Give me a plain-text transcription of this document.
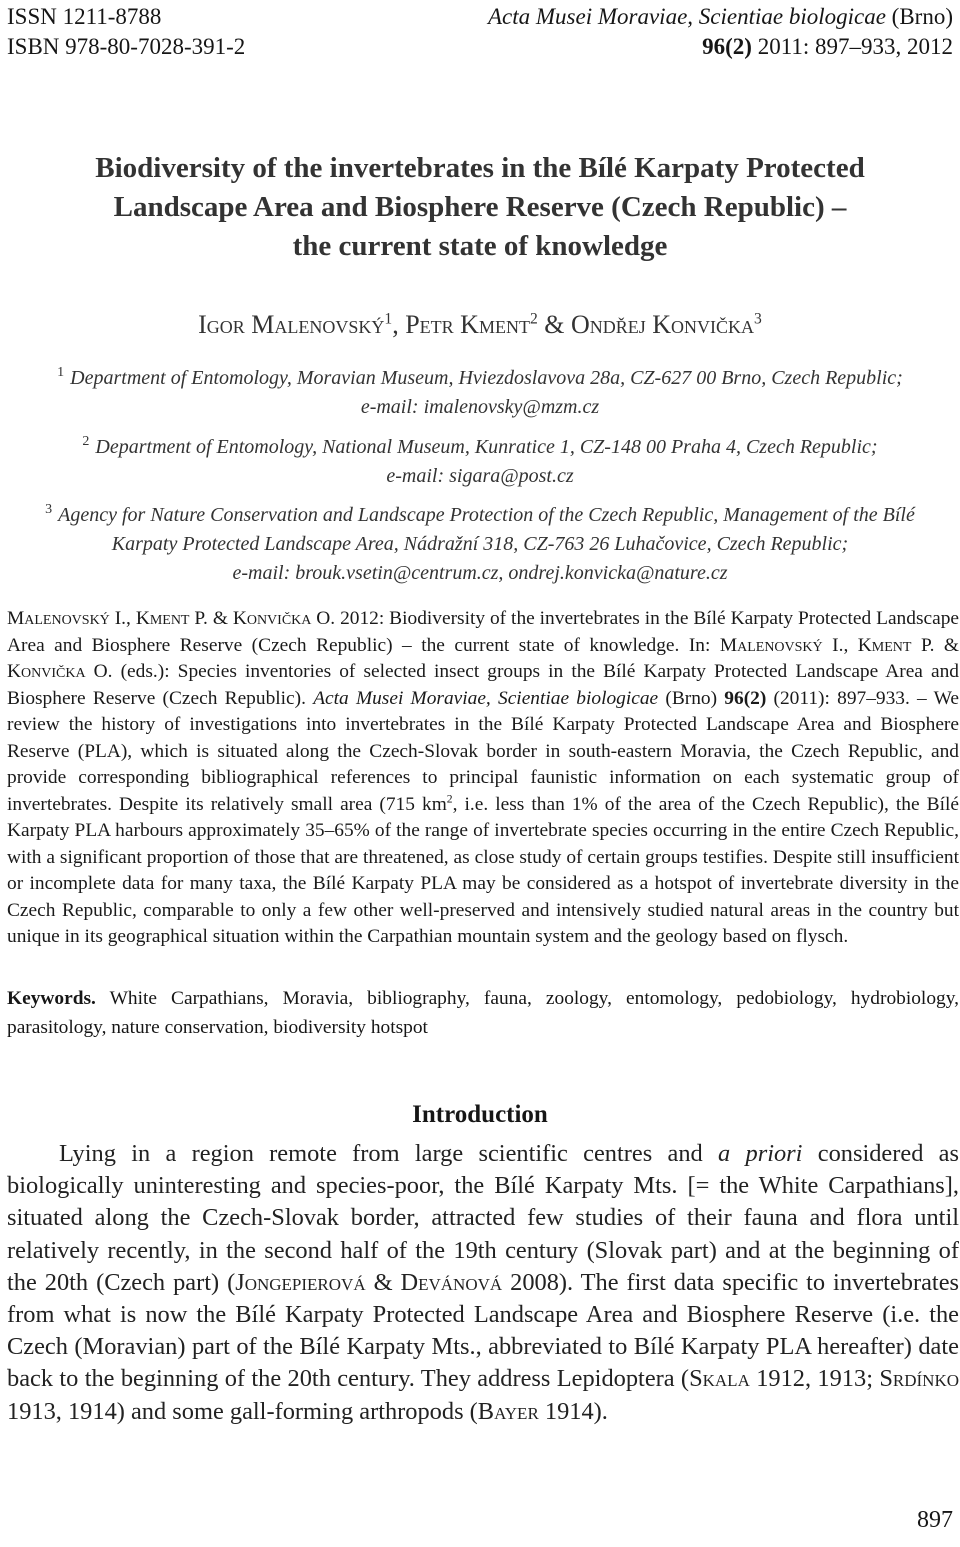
ISSN 1211-8788
ISBN 978-80-7028-391-2
Acta Musei Moraviae, Scientiae biologicae (Brno)
96(2) 2011: 897–933, 2012
Biodiversity of the invertebrates in the Bílé Karpaty Protected
Landscape Area and Biosphere Reserve (Czech Republic) –
the current state of knowledge
Igor Malenovský$^1$, Petr Kment$^2$ & Ondřej Konvička$^3$
$^1$ Department of Entomology, Moravian Museum, Hviezdoslavova 28a, CZ-627 00 Brno, Czech Republic;
e-mail: imalenovsky@mzm.cz
$^2$ Department of Entomology, National Museum, Kunratice 1, CZ-148 00 Praha 4, Czech Republic;
e-mail: sigara@post.cz
$^3$ Agency for Nature Conservation and Landscape Protection of the Czech Republic, Management of the Bílé
Karpaty Protected Landscape Area, Nádražní 318, CZ-763 26 Luhačovice, Czech Republic;
e-mail: brouk.vsetin@centrum.cz, ondrej.konvicka@nature.cz

Malenovský I., Kment P. & Konvička O. 2012: Biodiversity of the invertebrates in the Bílé Karpaty Protected Landscape Area and Biosphere Reserve (Czech Republic) – the current state of knowledge. In: Malenovský I., Kment P. & Konvička O. (eds.): Species inventories of selected insect groups in the Bílé Karpaty Protected Landscape Area and Biosphere Reserve (Czech Republic). Acta Musei Moraviae, Scientiae biologicae (Brno) 96(2) (2011): 897–933. – We review the history of investigations into invertebrates in the Bílé Karpaty Protected Landscape Area and Biosphere Reserve (PLA), which is situated along the Czech-Slovak border in south-eastern Moravia, the Czech Republic, and provide corresponding bibliographical references to principal faunistic information on each systematic group of invertebrates. Despite its relatively small area (715 $km^2$, i.e. less than 1% of the area of the Czech Republic), the Bílé Karpaty PLA harbours approximately 35–65% of the range of invertebrate species occurring in the entire Czech Republic, with a significant proportion of those that are threatened, as close study of certain groups testifies. Despite still insufficient or incomplete data for many taxa, the Bílé Karpaty PLA may be considered as a hotspot of invertebrate diversity in the Czech Republic, comparable to only a few other well-preserved and intensively studied natural areas in the country but unique in its geographical situation within the Carpathian mountain system and the geology based on flysch.

Keywords. White Carpathians, Moravia, bibliography, fauna, zoology, entomology, pedobiology, hydrobiology, parasitology, nature conservation, biodiversity hotspot

Introduction

Lying in a region remote from large scientific centres and a priori considered as biologically uninteresting and species-poor, the Bílé Karpaty Mts. [= the White Carpathians], situated along the Czech-Slovak border, attracted few studies of their fauna and flora until relatively recently, in the second half of the 19th century (Slovak part) and at the beginning of the 20th (Czech part) (Jongepierová & Devánová 2008). The first data specific to invertebrates from what is now the Bílé Karpaty Protected Landscape Area and Biosphere Reserve (i.e. the Czech (Moravian) part of the Bílé Karpaty Mts., abbreviated to Bílé Karpaty PLA hereafter) date back to the beginning of the 20th century. They address Lepidoptera (Skala 1912, 1913; Srdínko 1913, 1914) and some gall-forming arthropods (Bayer 1914).

897
